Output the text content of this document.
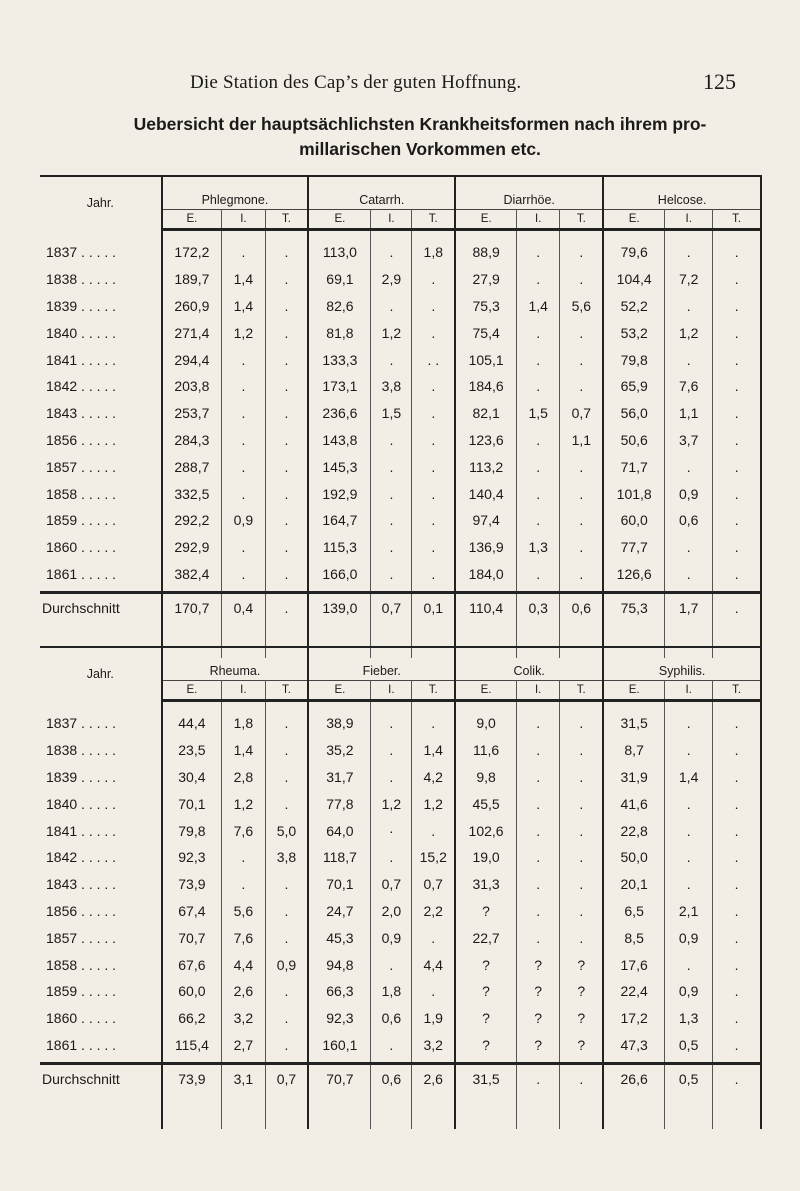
Die Station des Cap’s der guten Hoffnung.	125
Uebersicht der hauptsächlichsten Krankheitsformen nach ihrem pro-
millarischen Vorkommen etc.
Jahr.	Phlegmone.			Catarrh.			Diarrhöe.			Helcose.		
	E.	I.	T.	E.	I.	T.	E.	I.	T.	E.	I.	T.
1837 . . . . .	172,2	.	.	113,0	.	1,8	88,9	.	.	79,6	.	.
1838 . . . . .	189,7	1,4	.	69,1	2,9	.	27,9	.	.	104,4	7,2	.
1839 . . . . .	260,9	1,4	.	82,6	.	.	75,3	1,4	5,6	52,2	.	.
1840 . . . . .	271,4	1,2	.	81,8	1,2	.	75,4	.	.	53,2	1,2	.
1841 . . . . .	294,4	.	.	133,3	.	. .	105,1	.	.	79,8	.	.
1842 . . . . .	203,8	.	.	173,1	3,8	.	184,6	.	.	65,9	7,6	.
1843 . . . . .	253,7	.	.	236,6	1,5	.	82,1	1,5	0,7	56,0	1,1	.
1856 . . . . .	284,3	.	.	143,8	.	.	123,6	.	1,1	50,6	3,7	.
1857 . . . . .	288,7	.	.	145,3	.	.	113,2	.	.	71,7	.	.
1858 . . . . .	332,5	.	.	192,9	.	.	140,4	.	.	101,8	0,9	.
1859 . . . . .	292,2	0,9	.	164,7	.	.	97,4	.	.	60,0	0,6	.
1860 . . . . .	292,9	.	.	115,3	.	.	136,9	1,3	.	77,7	.	.
1861 . . . . .	382,4	.	.	166,0	.	.	184,0	.	.	126,6	.	.
Durchschnitt	170,7	0,4	.	139,0	0,7	0,1	110,4	0,3	0,6	75,3	1,7	.

Jahr.	Rheuma.			Fieber.			Colik.			Syphilis.		
	E.	I.	T.	E.	I.	T.	E.	I.	T.	E.	I.	T.
1837 . . . . .	44,4	1,8	.	38,9	.	.	9,0	.	.	31,5	.	.
1838 . . . . .	23,5	1,4	.	35,2	.	1,4	11,6	.	.	8,7	.	.
1839 . . . . .	30,4	2,8	.	31,7	.	4,2	9,8	.	.	31,9	1,4	.
1840 . . . . .	70,1	1,2	.	77,8	1,2	1,2	45,5	.	.	41,6	.	.
1841 . . . . .	79,8	7,6	5,0	64,0	·	.	102,6	.	.	22,8	.	.
1842 . . . . .	92,3	.	3,8	118,7	.	15,2	19,0	.	.	50,0	.	.
1843 . . . . .	73,9	.	.	70,1	0,7	0,7	31,3	.	.	20,1	.	.
1856 . . . . .	67,4	5,6	.	24,7	2,0	2,2	?	.	.	6,5	2,1	.
1857 . . . . .	70,7	7,6	.	45,3	0,9	.	22,7	.	.	8,5	0,9	.
1858 . . . . .	67,6	4,4	0,9	94,8	.	4,4	?	?	?	17,6	.	.
1859 . . . . .	60,0	2,6	.	66,3	1,8	.	?	?	?	22,4	0,9	.
1860 . . . . .	66,2	3,2	.	92,3	0,6	1,9	?	?	?	17,2	1,3	.
1861 . . . . .	115,4	2,7	.	160,1	.	3,2	?	?	?	47,3	0,5	.
Durchschnitt	73,9	3,1	0,7	70,7	0,6	2,6	31,5	.	.	26,6	0,5	.
